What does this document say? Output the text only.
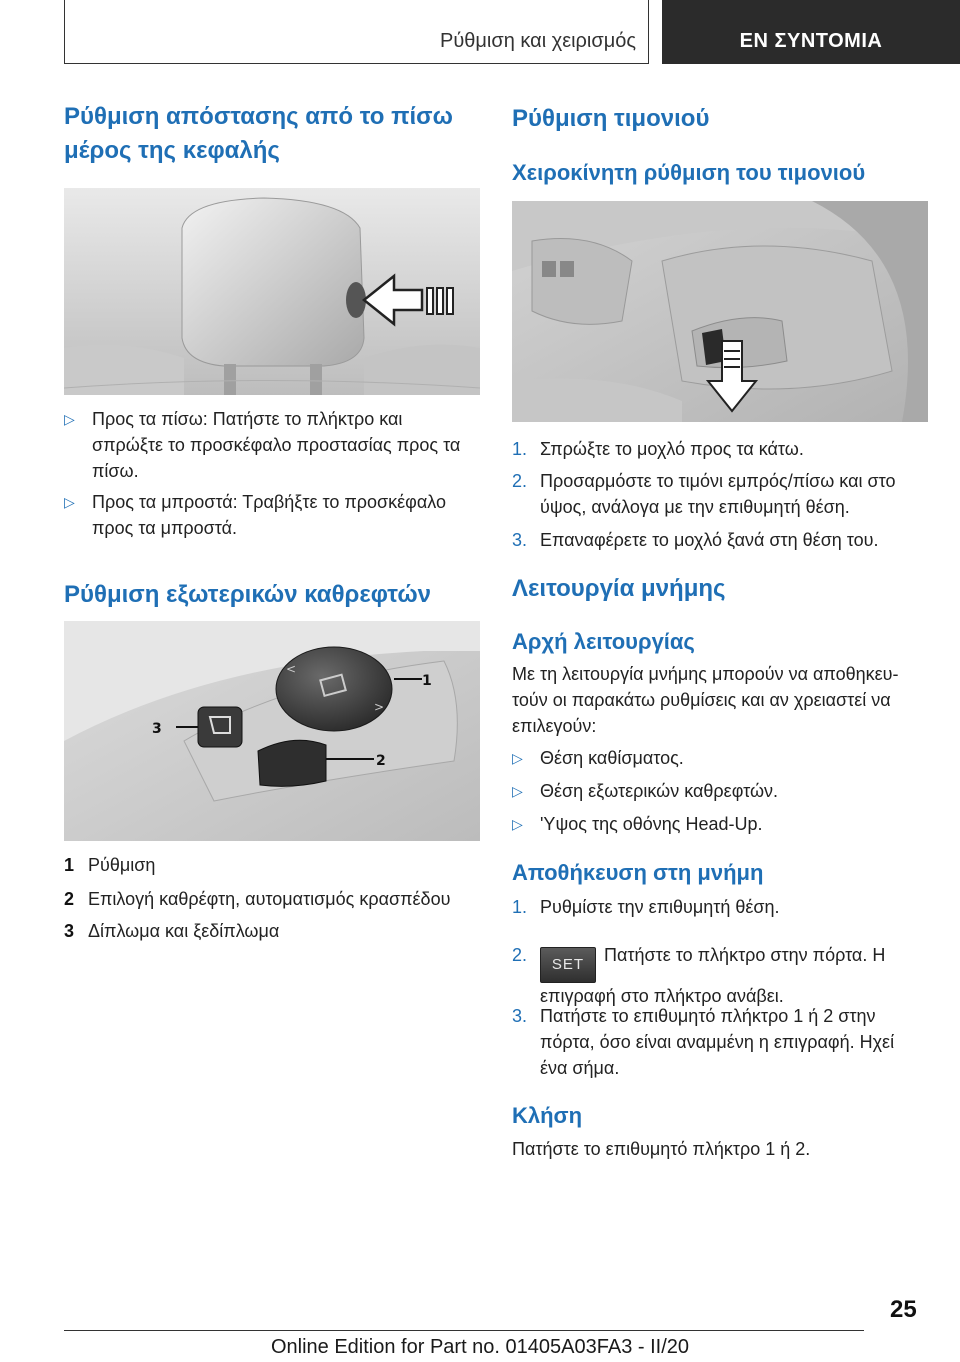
Ρύθμιση και χειρισμός	ΕΝ ΣΥΝΤΟΜΙΑ
Ρύθμιση απόστασης από το πίσω
μέρος της κεφαλής
▷ Προς τα πίσω: Πατήστε το πλήκτρο και
σπρώξτε το προσκέφαλο προστασίας προς τα
πίσω.
▷ Προς τα μπροστά: Τραβήξτε το προσκέφαλο
προς τα μπροστά.
Ρύθμιση εξωτερικών καθρεφτών
<
>
1
2
3
1 Ρύθμιση
2 Επιλογή καθρέφτη, αυτοματισμός κρασπέδου
3 Δίπλωμα και ξεδίπλωμα
Ρύθμιση τιμονιού
Χειροκίνητη ρύθμιση του τιμονιού
1. Σπρώξτε το μοχλό προς τα κάτω.
2. Προσαρμόστε το τιμόνι εμπρός/πίσω και στο
ύψος, ανάλογα με την επιθυμητή θέση.
3. Επαναφέρετε το μοχλό ξανά στη θέση του.
Λειτουργία μνήμης
Αρχή λειτουργίας
Με τη λειτουργία μνήμης μπορούν να αποθηκευ‐
τούν οι παρακάτω ρυθμίσεις και αν χρειαστεί να
επιλεγούν:
▷ Θέση καθίσματος.
▷ Θέση εξωτερικών καθρεφτών.
▷ 'Υψος της οθόνης Head-Up.
Αποθήκευση στη μνήμη
1. Ρυθμίστε την επιθυμητή θέση.
2.	SET Πατήστε το πλήκτρο στην πόρτα. Η
επιγραφή στο πλήκτρο ανάβει.
3. Πατήστε το επιθυμητό πλήκτρο 1 ή 2 στην
πόρτα, όσο είναι αναμμένη η επιγραφή. Ηχεί
ένα σήμα.
Κλήση
Πατήστε το επιθυμητό πλήκτρο 1 ή 2.
25
Online Edition for Part no. 01405A03FA3 - II/20
